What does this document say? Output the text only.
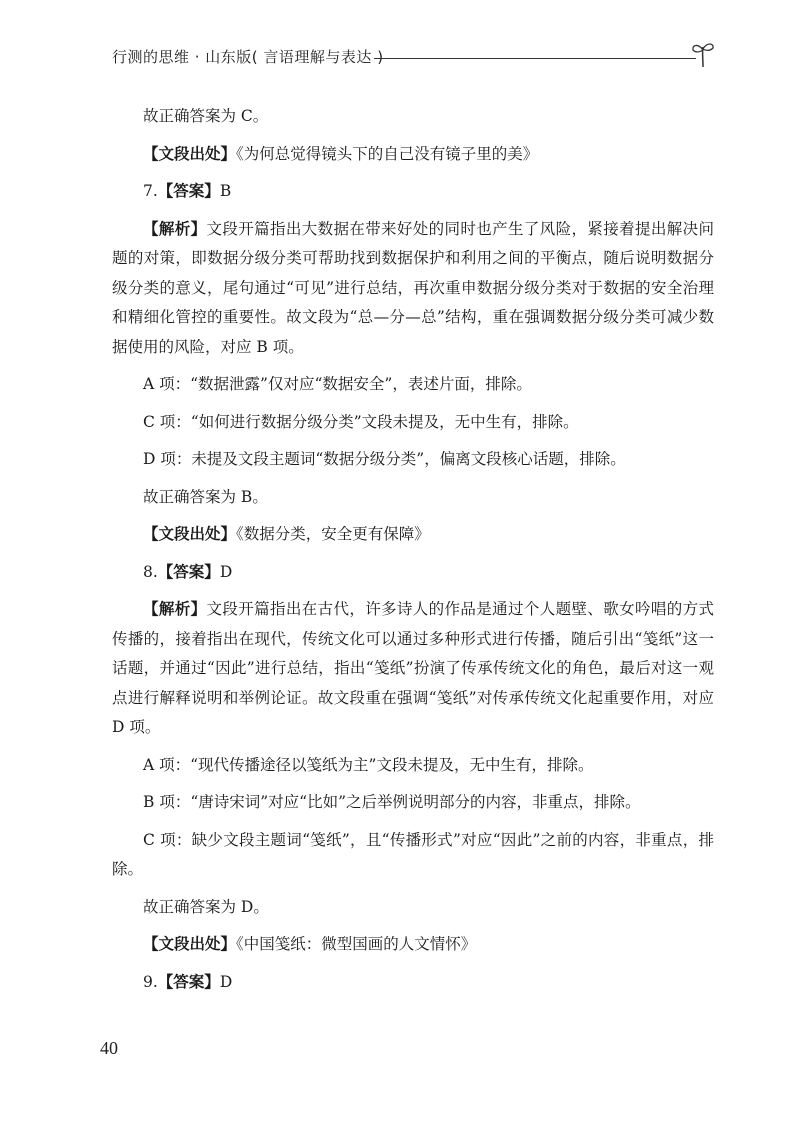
行测的思维 · 山东版( 言语理解与表达 )

故正确答案为 C。

【文段出处】《为何总觉得镜头下的自己没有镜子里的美》

7.【答案】B

【解析】文段开篇指出大数据在带来好处的同时也产生了风险，紧接着提出解决问题的对策，即数据分级分类可帮助找到数据保护和利用之间的平衡点，随后说明数据分级分类的意义，尾句通过“可见”进行总结，再次重申数据分级分类对于数据的安全治理和精细化管控的重要性。故文段为“总—分—总”结构，重在强调数据分级分类可减少数据使用的风险，对应 B 项。

A 项：“数据泄露”仅对应“数据安全”，表述片面，排除。

C 项：“如何进行数据分级分类”文段未提及，无中生有，排除。

D 项：未提及文段主题词“数据分级分类”，偏离文段核心话题，排除。

故正确答案为 B。

【文段出处】《数据分类，安全更有保障》

8.【答案】D

【解析】文段开篇指出在古代，许多诗人的作品是通过个人题壁、歌女吟唱的方式传播的，接着指出在现代，传统文化可以通过多种形式进行传播，随后引出“笺纸”这一话题，并通过“因此”进行总结，指出“笺纸”扮演了传承传统文化的角色，最后对这一观点进行解释说明和举例论证。故文段重在强调“笺纸”对传承传统文化起重要作用，对应 D 项。

A 项：“现代传播途径以笺纸为主”文段未提及，无中生有，排除。

B 项：“唐诗宋词”对应“比如”之后举例说明部分的内容，非重点，排除。

C 项：缺少文段主题词“笺纸”，且“传播形式”对应“因此”之前的内容，非重点，排除。

故正确答案为 D。

【文段出处】《中国笺纸：微型国画的人文情怀》

9.【答案】D

40
